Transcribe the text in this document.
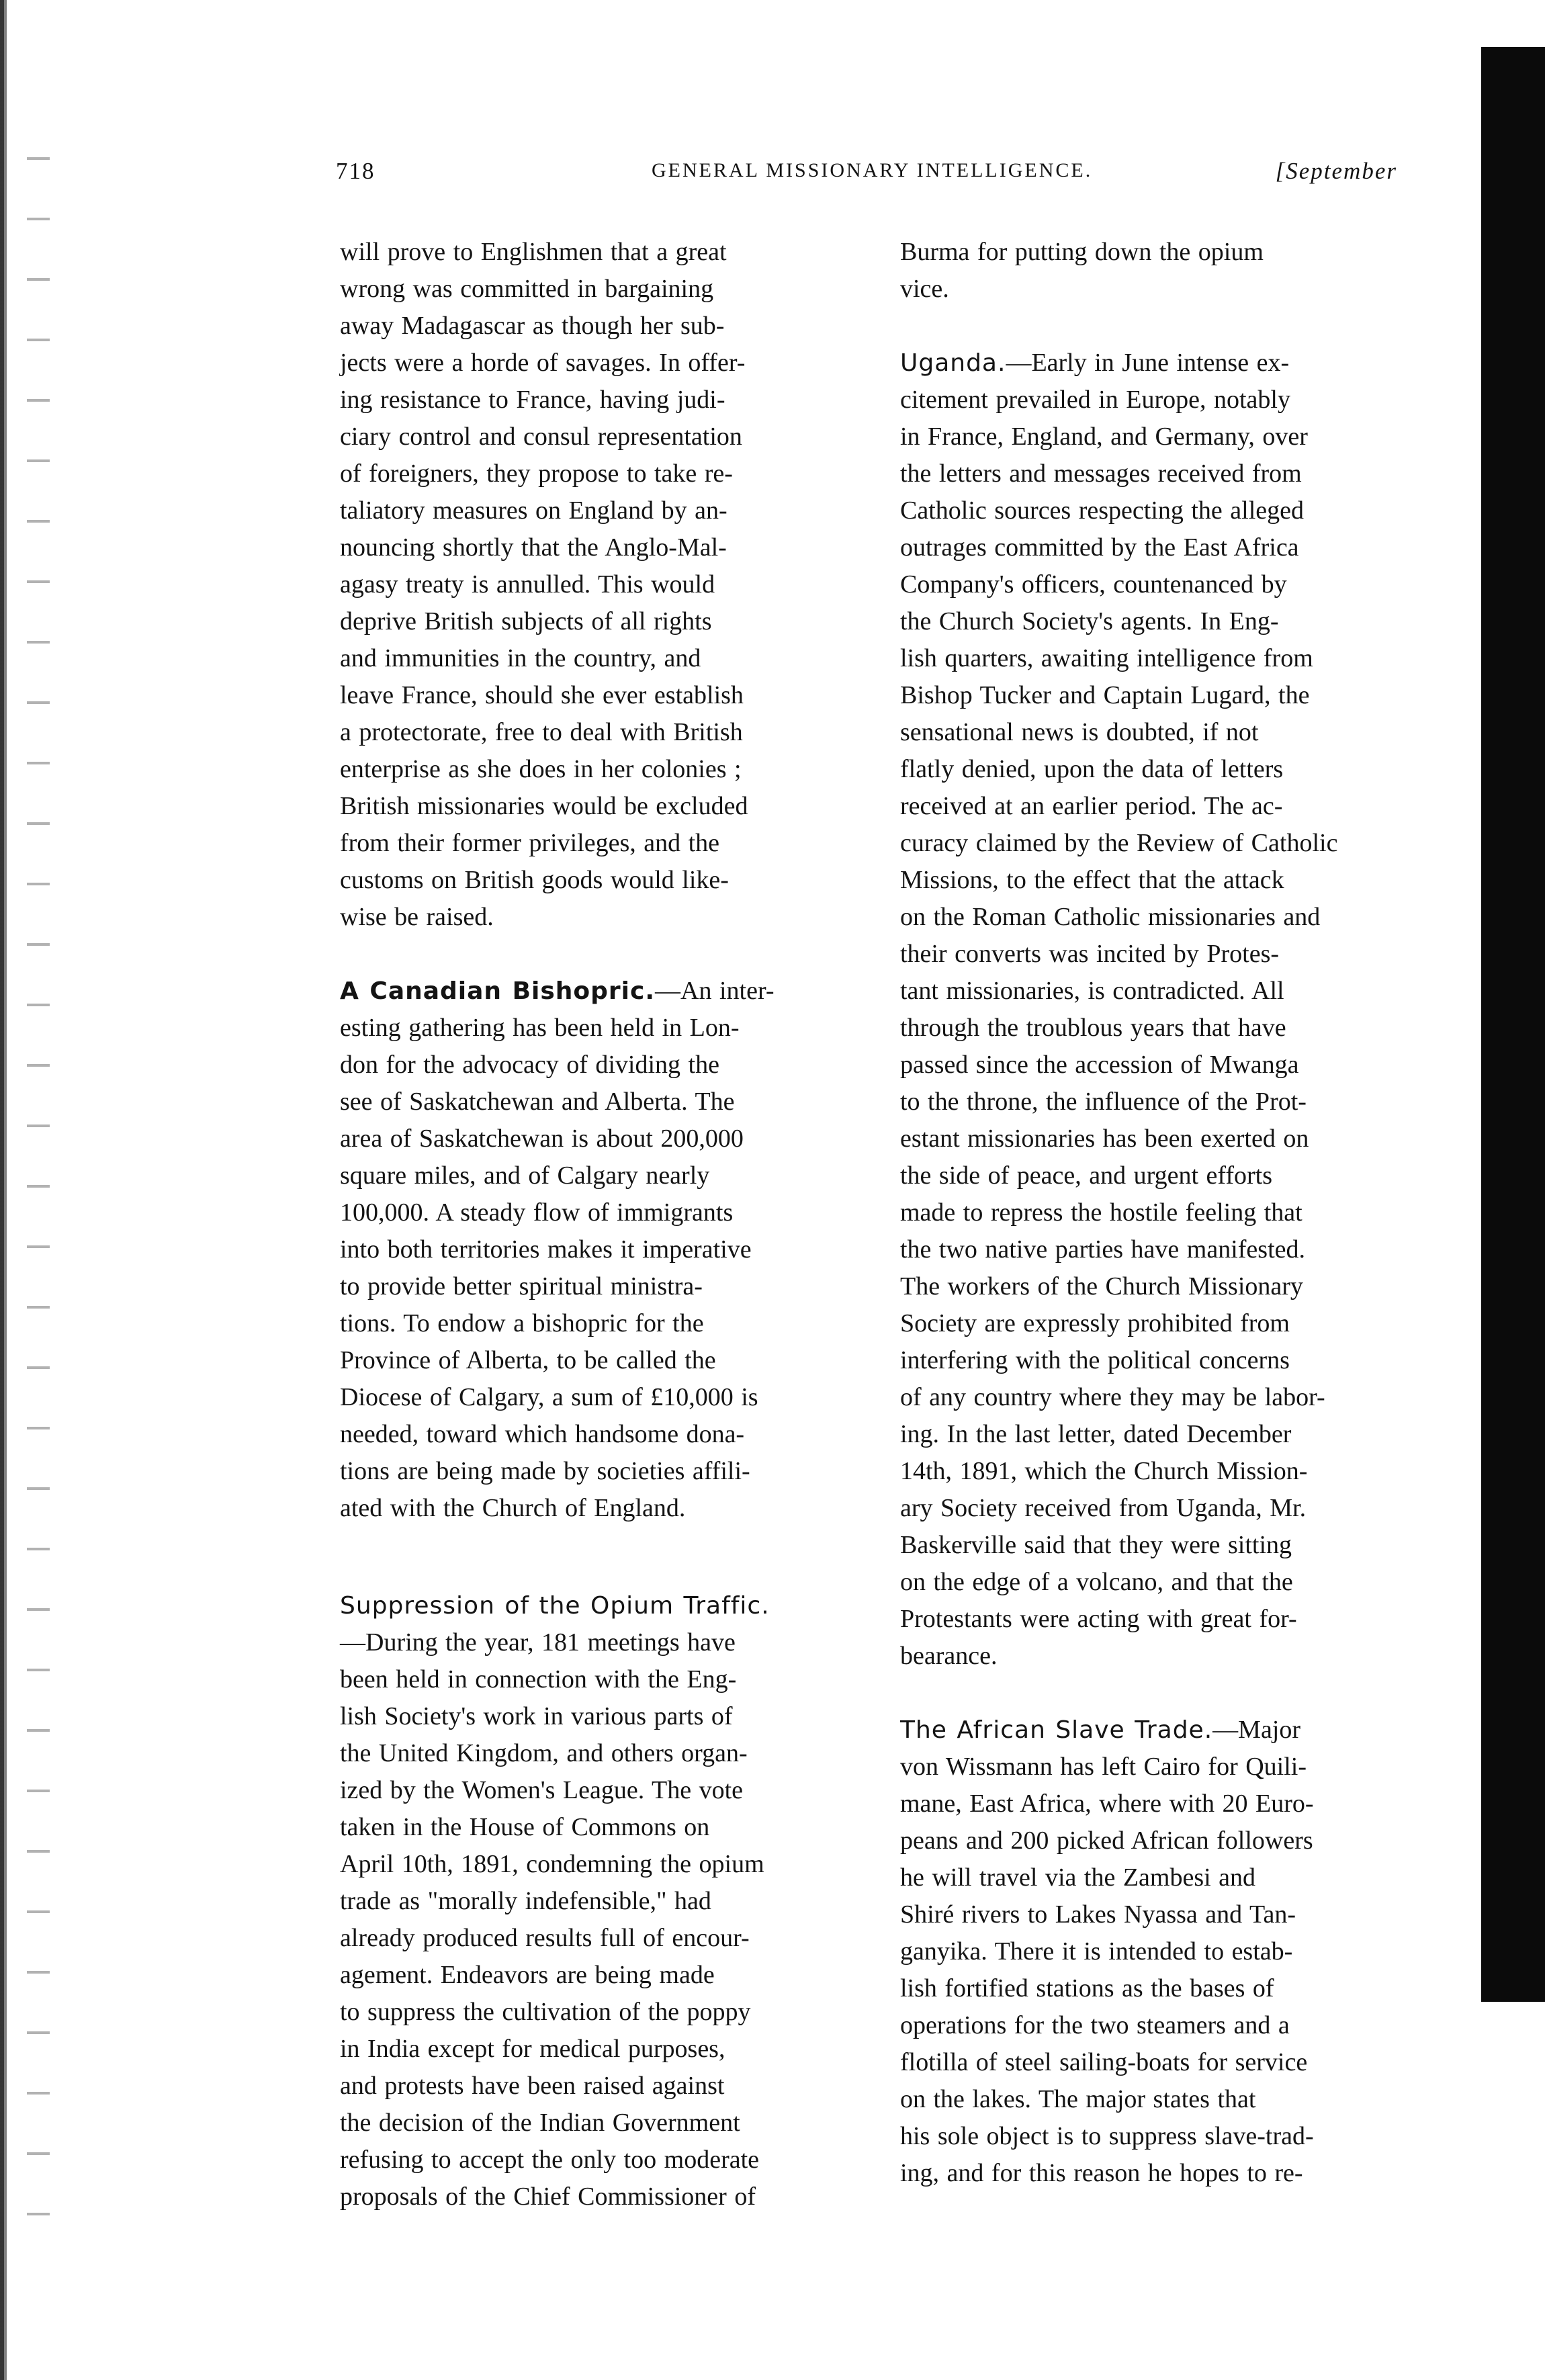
718	GENERAL MISSIONARY INTELLIGENCE.	[September

will prove to Englishmen that a great
wrong was committed in bargaining
away Madagascar as though her sub-
jects were a horde of savages. In offer-
ing resistance to France, having judi-
ciary control and consul representation
of foreigners, they propose to take re-
taliatory measures on England by an-
nouncing shortly that the Anglo-Mal-
agasy treaty is annulled. This would
deprive British subjects of all rights
and immunities in the country, and
leave France, should she ever establish
a protectorate, free to deal with British
enterprise as she does in her colonies ;
British missionaries would be excluded
from their former privileges, and the
customs on British goods would like-
wise be raised.

A Canadian Bishopric.—An inter-
esting gathering has been held in Lon-
don for the advocacy of dividing the
see of Saskatchewan and Alberta. The
area of Saskatchewan is about 200,000
square miles, and of Calgary nearly
100,000. A steady flow of immigrants
into both territories makes it imperative
to provide better spiritual ministra-
tions. To endow a bishopric for the
Province of Alberta, to be called the
Diocese of Calgary, a sum of £10,000 is
needed, toward which handsome dona-
tions are being made by societies affili-
ated with the Church of England.
Suppression of the Opium Traffic.
—During the year, 181 meetings have
been held in connection with the Eng-
lish Society's work in various parts of
the United Kingdom, and others organ-
ized by the Women's League. The vote
taken in the House of Commons on
April 10th, 1891, condemning the opium
trade as "morally indefensible," had
already produced results full of encour-
agement. Endeavors are being made
to suppress the cultivation of the poppy
in India except for medical purposes,
and protests have been raised against
the decision of the Indian Government
refusing to accept the only too moderate
proposals of the Chief Commissioner of
Burma for putting down the opium
vice.
Uganda.—Early in June intense ex-
citement prevailed in Europe, notably
in France, England, and Germany, over
the letters and messages received from
Catholic sources respecting the alleged
outrages committed by the East Africa
Company's officers, countenanced by
the Church Society's agents. In Eng-
lish quarters, awaiting intelligence from
Bishop Tucker and Captain Lugard, the
sensational news is doubted, if not
flatly denied, upon the data of letters
received at an earlier period. The ac-
curacy claimed by the Review of Catholic
Missions, to the effect that the attack
on the Roman Catholic missionaries and
their converts was incited by Protes-
tant missionaries, is contradicted. All
through the troublous years that have
passed since the accession of Mwanga
to the throne, the influence of the Prot-
estant missionaries has been exerted on
the side of peace, and urgent efforts
made to repress the hostile feeling that
the two native parties have manifested.
The workers of the Church Missionary
Society are expressly prohibited from
interfering with the political concerns
of any country where they may be labor-
ing. In the last letter, dated December
14th, 1891, which the Church Mission-
ary Society received from Uganda, Mr.
Baskerville said that they were sitting
on the edge of a volcano, and that the
Protestants were acting with great for-
bearance.
The African Slave Trade.—Major
von Wissmann has left Cairo for Quili-
mane, East Africa, where with 20 Euro-
peans and 200 picked African followers
he will travel via the Zambesi and
Shiré rivers to Lakes Nyassa and Tan-
ganyika. There it is intended to estab-
lish fortified stations as the bases of
operations for the two steamers and a
flotilla of steel sailing-boats for service
on the lakes. The major states that
his sole object is to suppress slave-trad-
ing, and for this reason he hopes to re-
